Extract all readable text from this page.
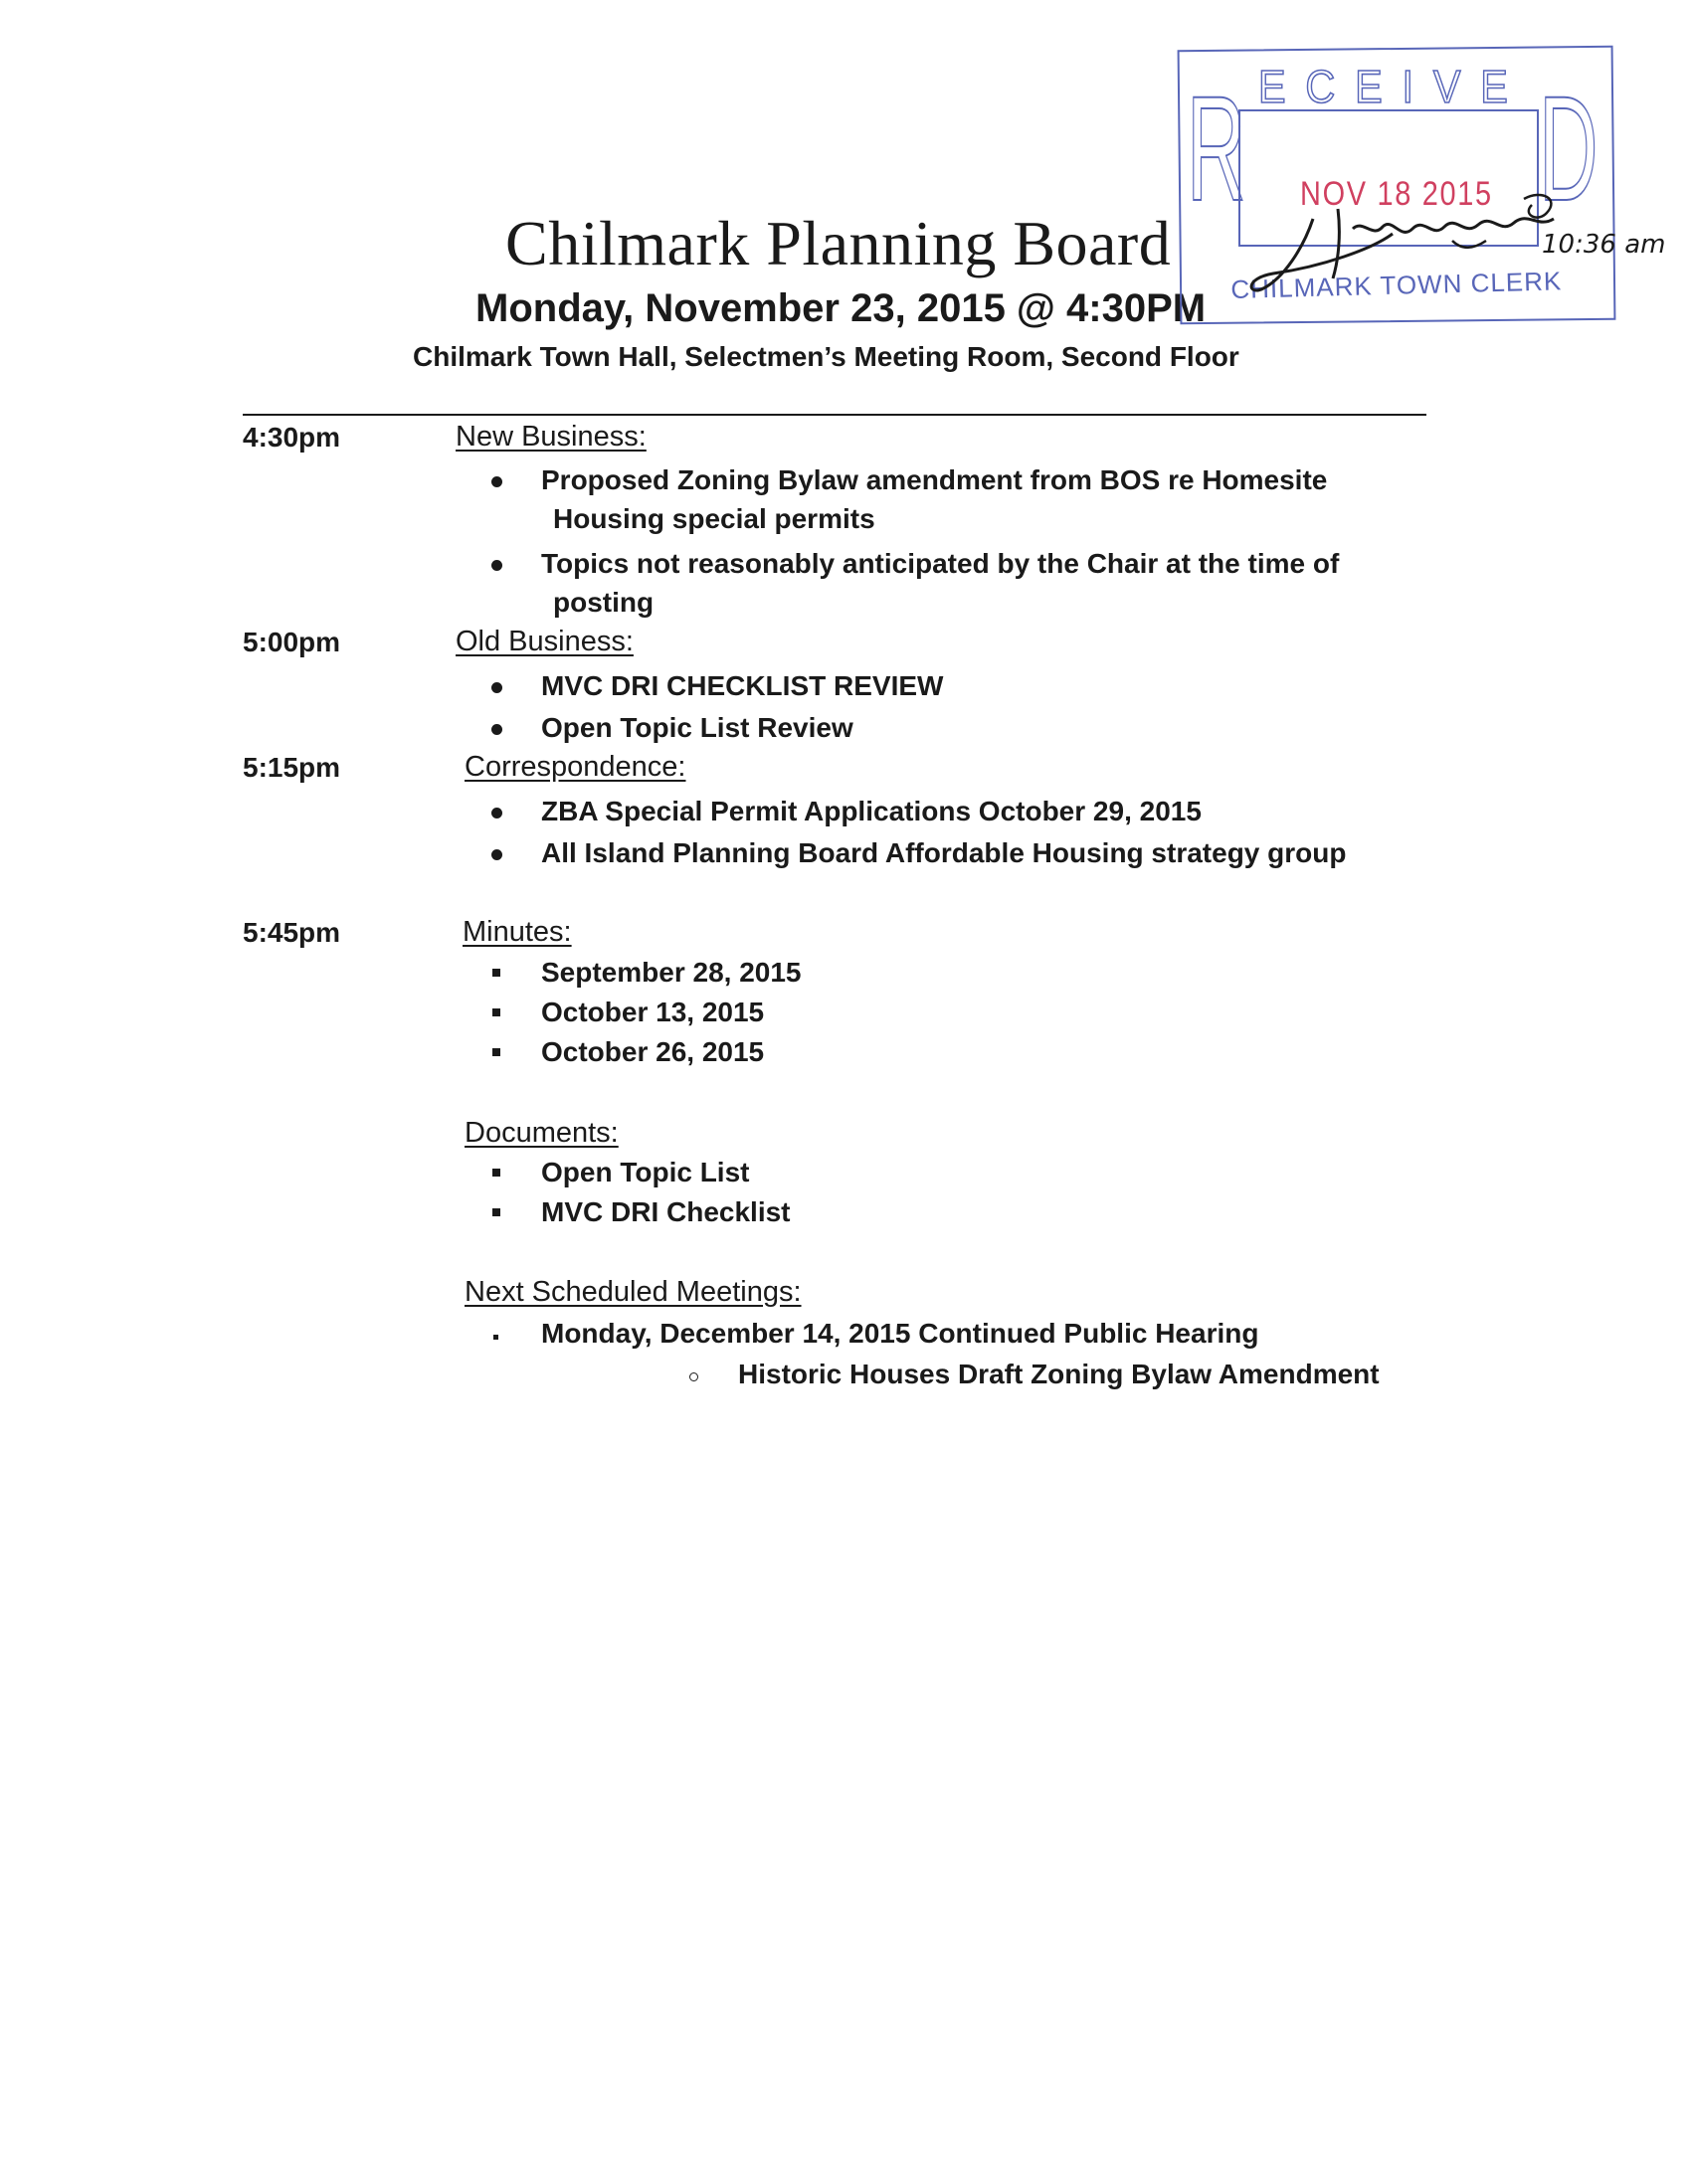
Chilmark Planning Board
Monday, November 23, 2015 @ 4:30PM
Chilmark Town Hall, Selectmen’s Meeting Room, Second Floor
R ECEIVE D
NOV 18 2015
CHILMARK TOWN CLERK
10:36 am
4:30pm	New Business:
Proposed Zoning Bylaw amendment from BOS re Homesite
Housing special permits
Topics not reasonably anticipated by the Chair at the time of
posting
5:00pm	Old Business:
MVC DRI CHECKLIST REVIEW
Open Topic List Review
5:15pm	Correspondence:
ZBA Special Permit Applications October 29, 2015
All Island Planning Board Affordable Housing strategy group
5:45pm	Minutes:
September 28, 2015
October 13, 2015
October 26, 2015
Documents:
Open Topic List
MVC DRI Checklist
Next Scheduled Meetings:
Monday, December 14, 2015 Continued Public Hearing
Historic Houses Draft Zoning Bylaw Amendment
